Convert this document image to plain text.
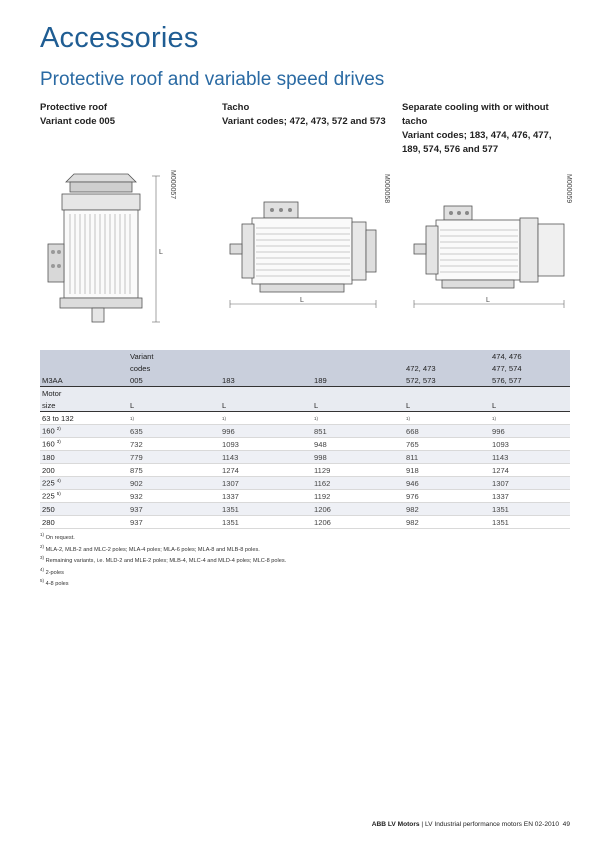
Accessories
Protective roof and variable speed drives
Protective roof
Variant code 005
Tacho
Variant codes; 472, 473, 572 and 573
Separate cooling with or without
tacho
Variant codes; 183, 474, 476, 477,
189, 574, 576 and 577
L
M000057
L
M000058
L
M000059
	Variant				474, 476
	codes			472, 473	477, 574
M3AA	005	183	189	572, 573	576, 577
Motor					
size	L	L	L	L	L
63 to 132	1)	1)	1)	1)	1)
160 $^{2)}$	635	996	851	668	996
160 $^{3)}$	732	1093	948	765	1093
180	779	1143	998	811	1143
200	875	1274	1129	918	1274
225 $^{4)}$	902	1307	1162	946	1307
225 $^{5)}$	932	1337	1192	976	1337
250	937	1351	1206	982	1351
280	937	1351	1206	982	1351
$^{1)}$ On request.
$^{2)}$ MLA-2, MLB-2 and MLC-2 poles; MLA-4 poles; MLA-6 poles; MLA-8 and MLB-8 poles.
$^{3)}$ Remaining variants, i.e. MLD-2 and MLE-2 poles; MLB-4, MLC-4 and MLD-4 poles; MLC-8 poles.
$^{4)}$ 2-poles
$^{5)}$ 4-8 poles
ABB LV Motors | LV Industrial performance motors EN 02-2010 49
